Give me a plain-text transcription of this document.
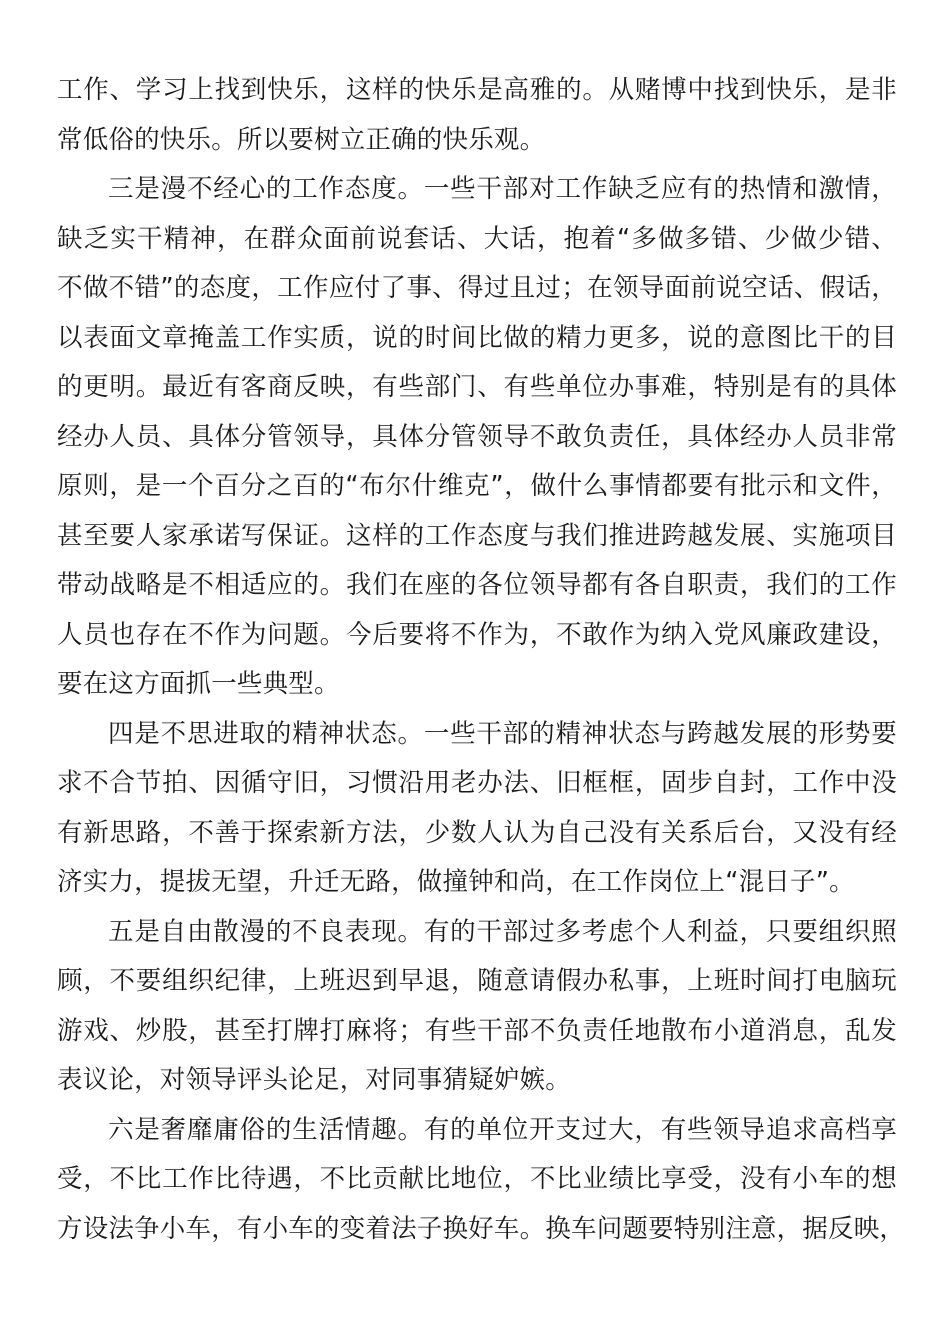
工作、学习上找到快乐，这样的快乐是高雅的。从赌博中找到快乐，是非
常低俗的快乐。所以要树立正确的快乐观。
三是漫不经心的工作态度。一些干部对工作缺乏应有的热情和激情，
缺乏实干精神，在群众面前说套话、大话，抱着“多做多错、少做少错、
不做不错”的态度，工作应付了事、得过且过；在领导面前说空话、假话，
以表面文章掩盖工作实质，说的时间比做的精力更多，说的意图比干的目
的更明。最近有客商反映，有些部门、有些单位办事难，特别是有的具体
经办人员、具体分管领导，具体分管领导不敢负责任，具体经办人员非常
原则，是一个百分之百的“布尔什维克”，做什么事情都要有批示和文件，
甚至要人家承诺写保证。这样的工作态度与我们推进跨越发展、实施项目
带动战略是不相适应的。我们在座的各位领导都有各自职责，我们的工作
人员也存在不作为问题。今后要将不作为，不敢作为纳入党风廉政建设，
要在这方面抓一些典型。
四是不思进取的精神状态。一些干部的精神状态与跨越发展的形势要
求不合节拍、因循守旧，习惯沿用老办法、旧框框，固步自封，工作中没
有新思路，不善于探索新方法，少数人认为自己没有关系后台，又没有经
济实力，提拔无望，升迁无路，做撞钟和尚，在工作岗位上“混日子”。
五是自由散漫的不良表现。有的干部过多考虑个人利益，只要组织照
顾，不要组织纪律，上班迟到早退，随意请假办私事，上班时间打电脑玩
游戏、炒股，甚至打牌打麻将；有些干部不负责任地散布小道消息，乱发
表议论，对领导评头论足，对同事猜疑妒嫉。
六是奢靡庸俗的生活情趣。有的单位开支过大，有些领导追求高档享
受，不比工作比待遇，不比贡献比地位，不比业绩比享受，没有小车的想
方设法争小车，有小车的变着法子换好车。换车问题要特别注意，据反映，
